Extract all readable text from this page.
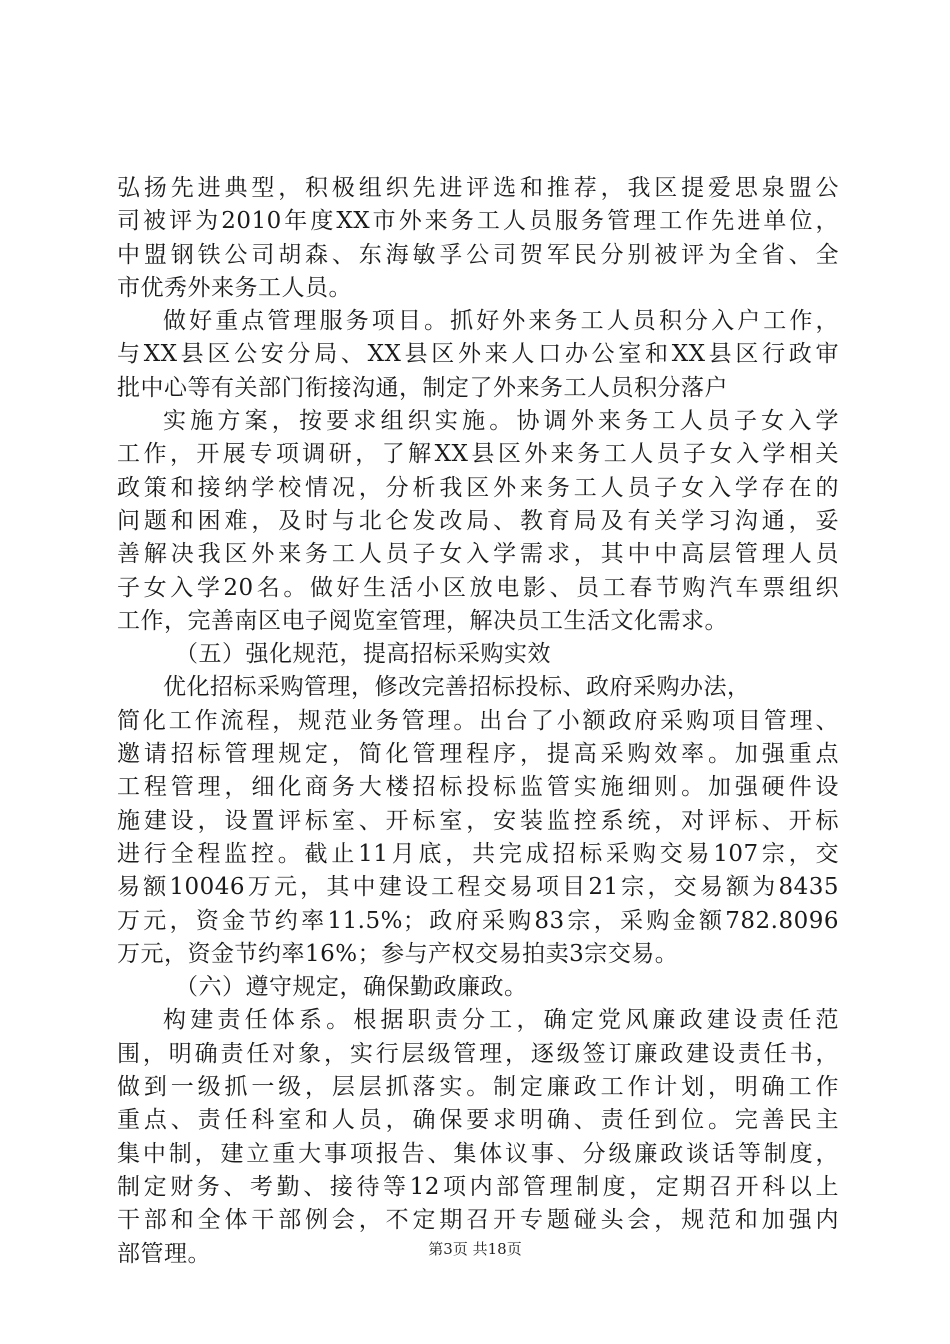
弘扬先进典型，积极组织先进评选和推荐，我区提爱思泉盟公
司被评为2010年度XX市外来务工人员服务管理工作先进单位，
中盟钢铁公司胡森、东海敏孚公司贺军民分别被评为全省、全
市优秀外来务工人员。
做好重点管理服务项目。抓好外来务工人员积分入户工作，
与XX县区公安分局、XX县区外来人口办公室和XX县区行政审
批中心等有关部门衔接沟通，制定了外来务工人员积分落户
实施方案，按要求组织实施。协调外来务工人员子女入学
工作，开展专项调研，了解XX县区外来务工人员子女入学相关
政策和接纳学校情况，分析我区外来务工人员子女入学存在的
问题和困难，及时与北仑发改局、教育局及有关学习沟通，妥
善解决我区外来务工人员子女入学需求，其中中高层管理人员
子女入学20名。做好生活小区放电影、员工春节购汽车票组织
工作，完善南区电子阅览室管理，解决员工生活文化需求。
（五）强化规范，提高招标采购实效
优化招标采购管理，修改完善招标投标、政府采购办法，
简化工作流程，规范业务管理。出台了小额政府采购项目管理、
邀请招标管理规定，简化管理程序，提高采购效率。加强重点
工程管理，细化商务大楼招标投标监管实施细则。加强硬件设
施建设，设置评标室、开标室，安装监控系统，对评标、开标
进行全程监控。截止11月底，共完成招标采购交易107宗，交
易额10046万元，其中建设工程交易项目21宗，交易额为8435
万元，资金节约率11.5%；政府采购83宗，采购金额782.8096
万元，资金节约率16%；参与产权交易拍卖3宗交易。
（六）遵守规定，确保勤政廉政。
构建责任体系。根据职责分工，确定党风廉政建设责任范
围，明确责任对象，实行层级管理，逐级签订廉政建设责任书，
做到一级抓一级，层层抓落实。制定廉政工作计划，明确工作
重点、责任科室和人员，确保要求明确、责任到位。完善民主
集中制，建立重大事项报告、集体议事、分级廉政谈话等制度，
制定财务、考勤、接待等12项内部管理制度，定期召开科以上
干部和全体干部例会，不定期召开专题碰头会，规范和加强内
部管理。	第3页 共18页
